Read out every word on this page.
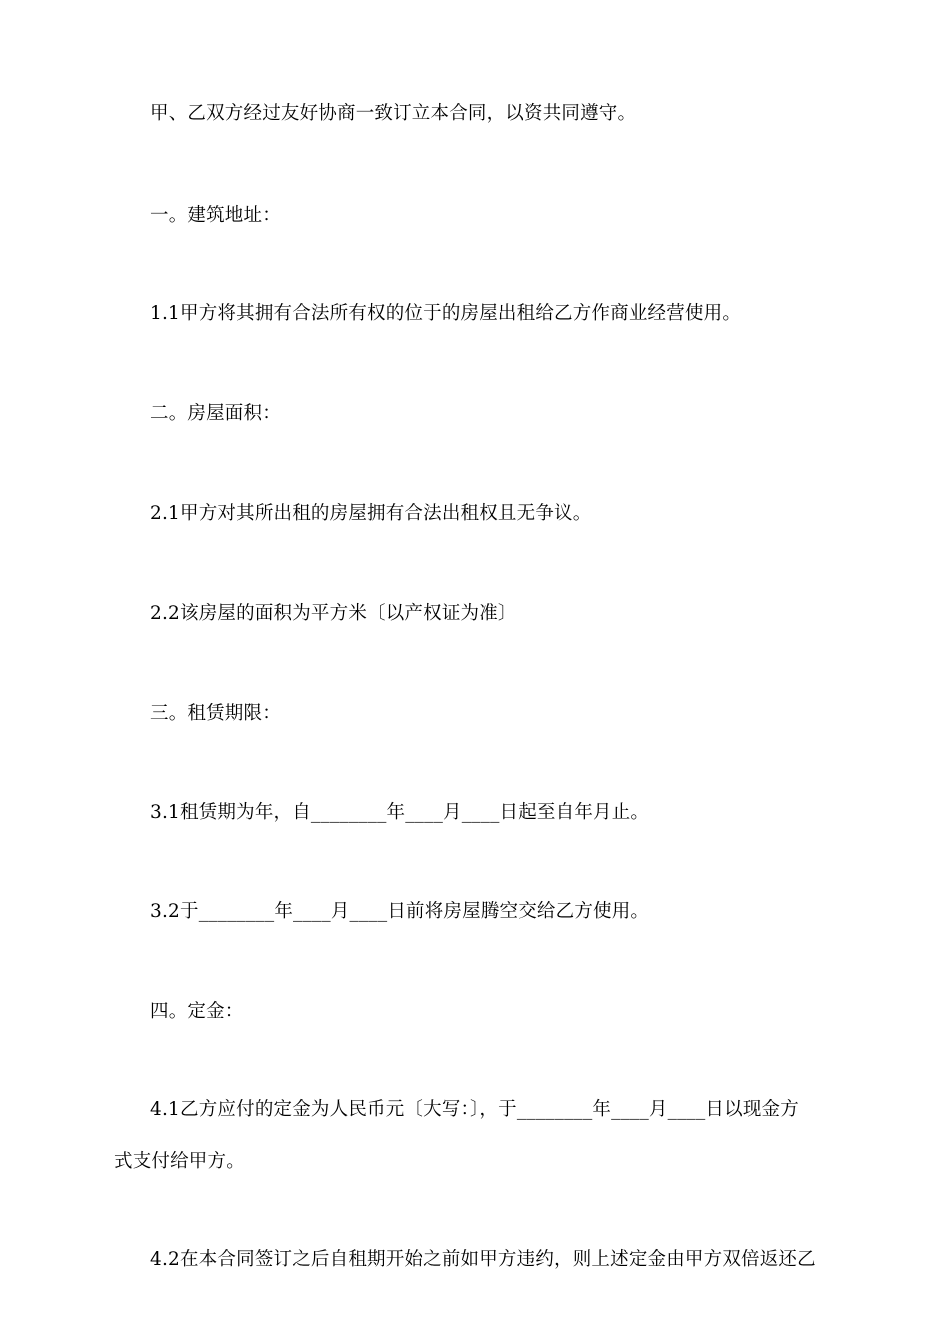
甲、乙双方经过友好协商一致订立本合同，以资共同遵守。
一。建筑地址：
1.1甲方将其拥有合法所有权的位于的房屋出租给乙方作商业经营使用。
二。房屋面积：
2.1甲方对其所出租的房屋拥有合法出租权且无争议。
2.2该房屋的面积为平方米〔以产权证为准〕
三。租赁期限：
3.1租赁期为年，自________年____月____日起至自年月止。
3.2于________年____月____日前将房屋腾空交给乙方使用。
四。定金：
4.1乙方应付的定金为人民币元〔大写：〕，于________年____月____日以现金方
式支付给甲方。
4.2在本合同签订之后自租期开始之前如甲方违约，则上述定金由甲方双倍返还乙
